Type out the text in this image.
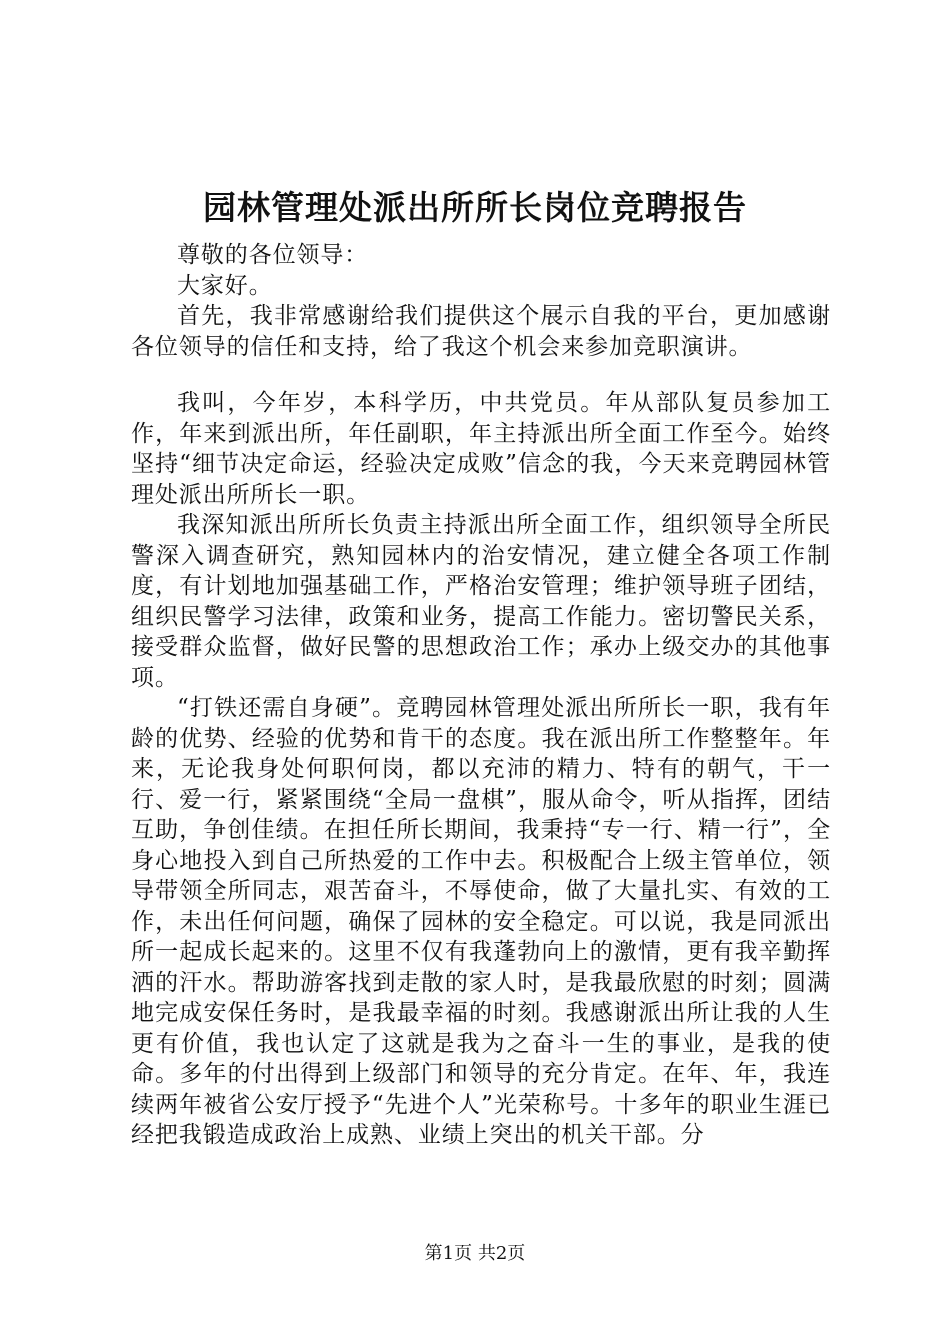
园林管理处派出所所长岗位竞聘报告

尊敬的各位领导：

大家好。

首先，我非常感谢给我们提供这个展示自我的平台，更加感谢各位领导的信任和支持，给了我这个机会来参加竞职演讲。

我叫，今年岁，本科学历，中共党员。年从部队复员参加工作，年来到派出所，年任副职，年主持派出所全面工作至今。始终坚持“细节决定命运，经验决定成败”信念的我，今天来竞聘园林管理处派出所所长一职。

我深知派出所所长负责主持派出所全面工作，组织领导全所民警深入调查研究，熟知园林内的治安情况，建立健全各项工作制度，有计划地加强基础工作，严格治安管理；维护领导班子团结，组织民警学习法律，政策和业务，提高工作能力。密切警民关系，接受群众监督，做好民警的思想政治工作；承办上级交办的其他事项。

“打铁还需自身硬”。竞聘园林管理处派出所所长一职，我有年龄的优势、经验的优势和肯干的态度。我在派出所工作整整年。年来，无论我身处何职何岗，都以充沛的精力、特有的朝气，干一行、爱一行，紧紧围绕“全局一盘棋”，服从命令，听从指挥，团结互助，争创佳绩。在担任所长期间，我秉持“专一行、精一行”，全身心地投入到自己所热爱的工作中去。积极配合上级主管单位，领导带领全所同志，艰苦奋斗，不辱使命，做了大量扎实、有效的工作，未出任何问题，确保了园林的安全稳定。可以说，我是同派出所一起成长起来的。这里不仅有我蓬勃向上的激情，更有我辛勤挥洒的汗水。帮助游客找到走散的家人时，是我最欣慰的时刻；圆满地完成安保任务时，是我最幸福的时刻。我感谢派出所让我的人生更有价值，我也认定了这就是我为之奋斗一生的事业，是我的使命。多年的付出得到上级部门和领导的充分肯定。在年、年，我连续两年被省公安厅授予“先进个人”光荣称号。十多年的职业生涯已经把我锻造成政治上成熟、业绩上突出的机关干部。分

第1页 共2页
